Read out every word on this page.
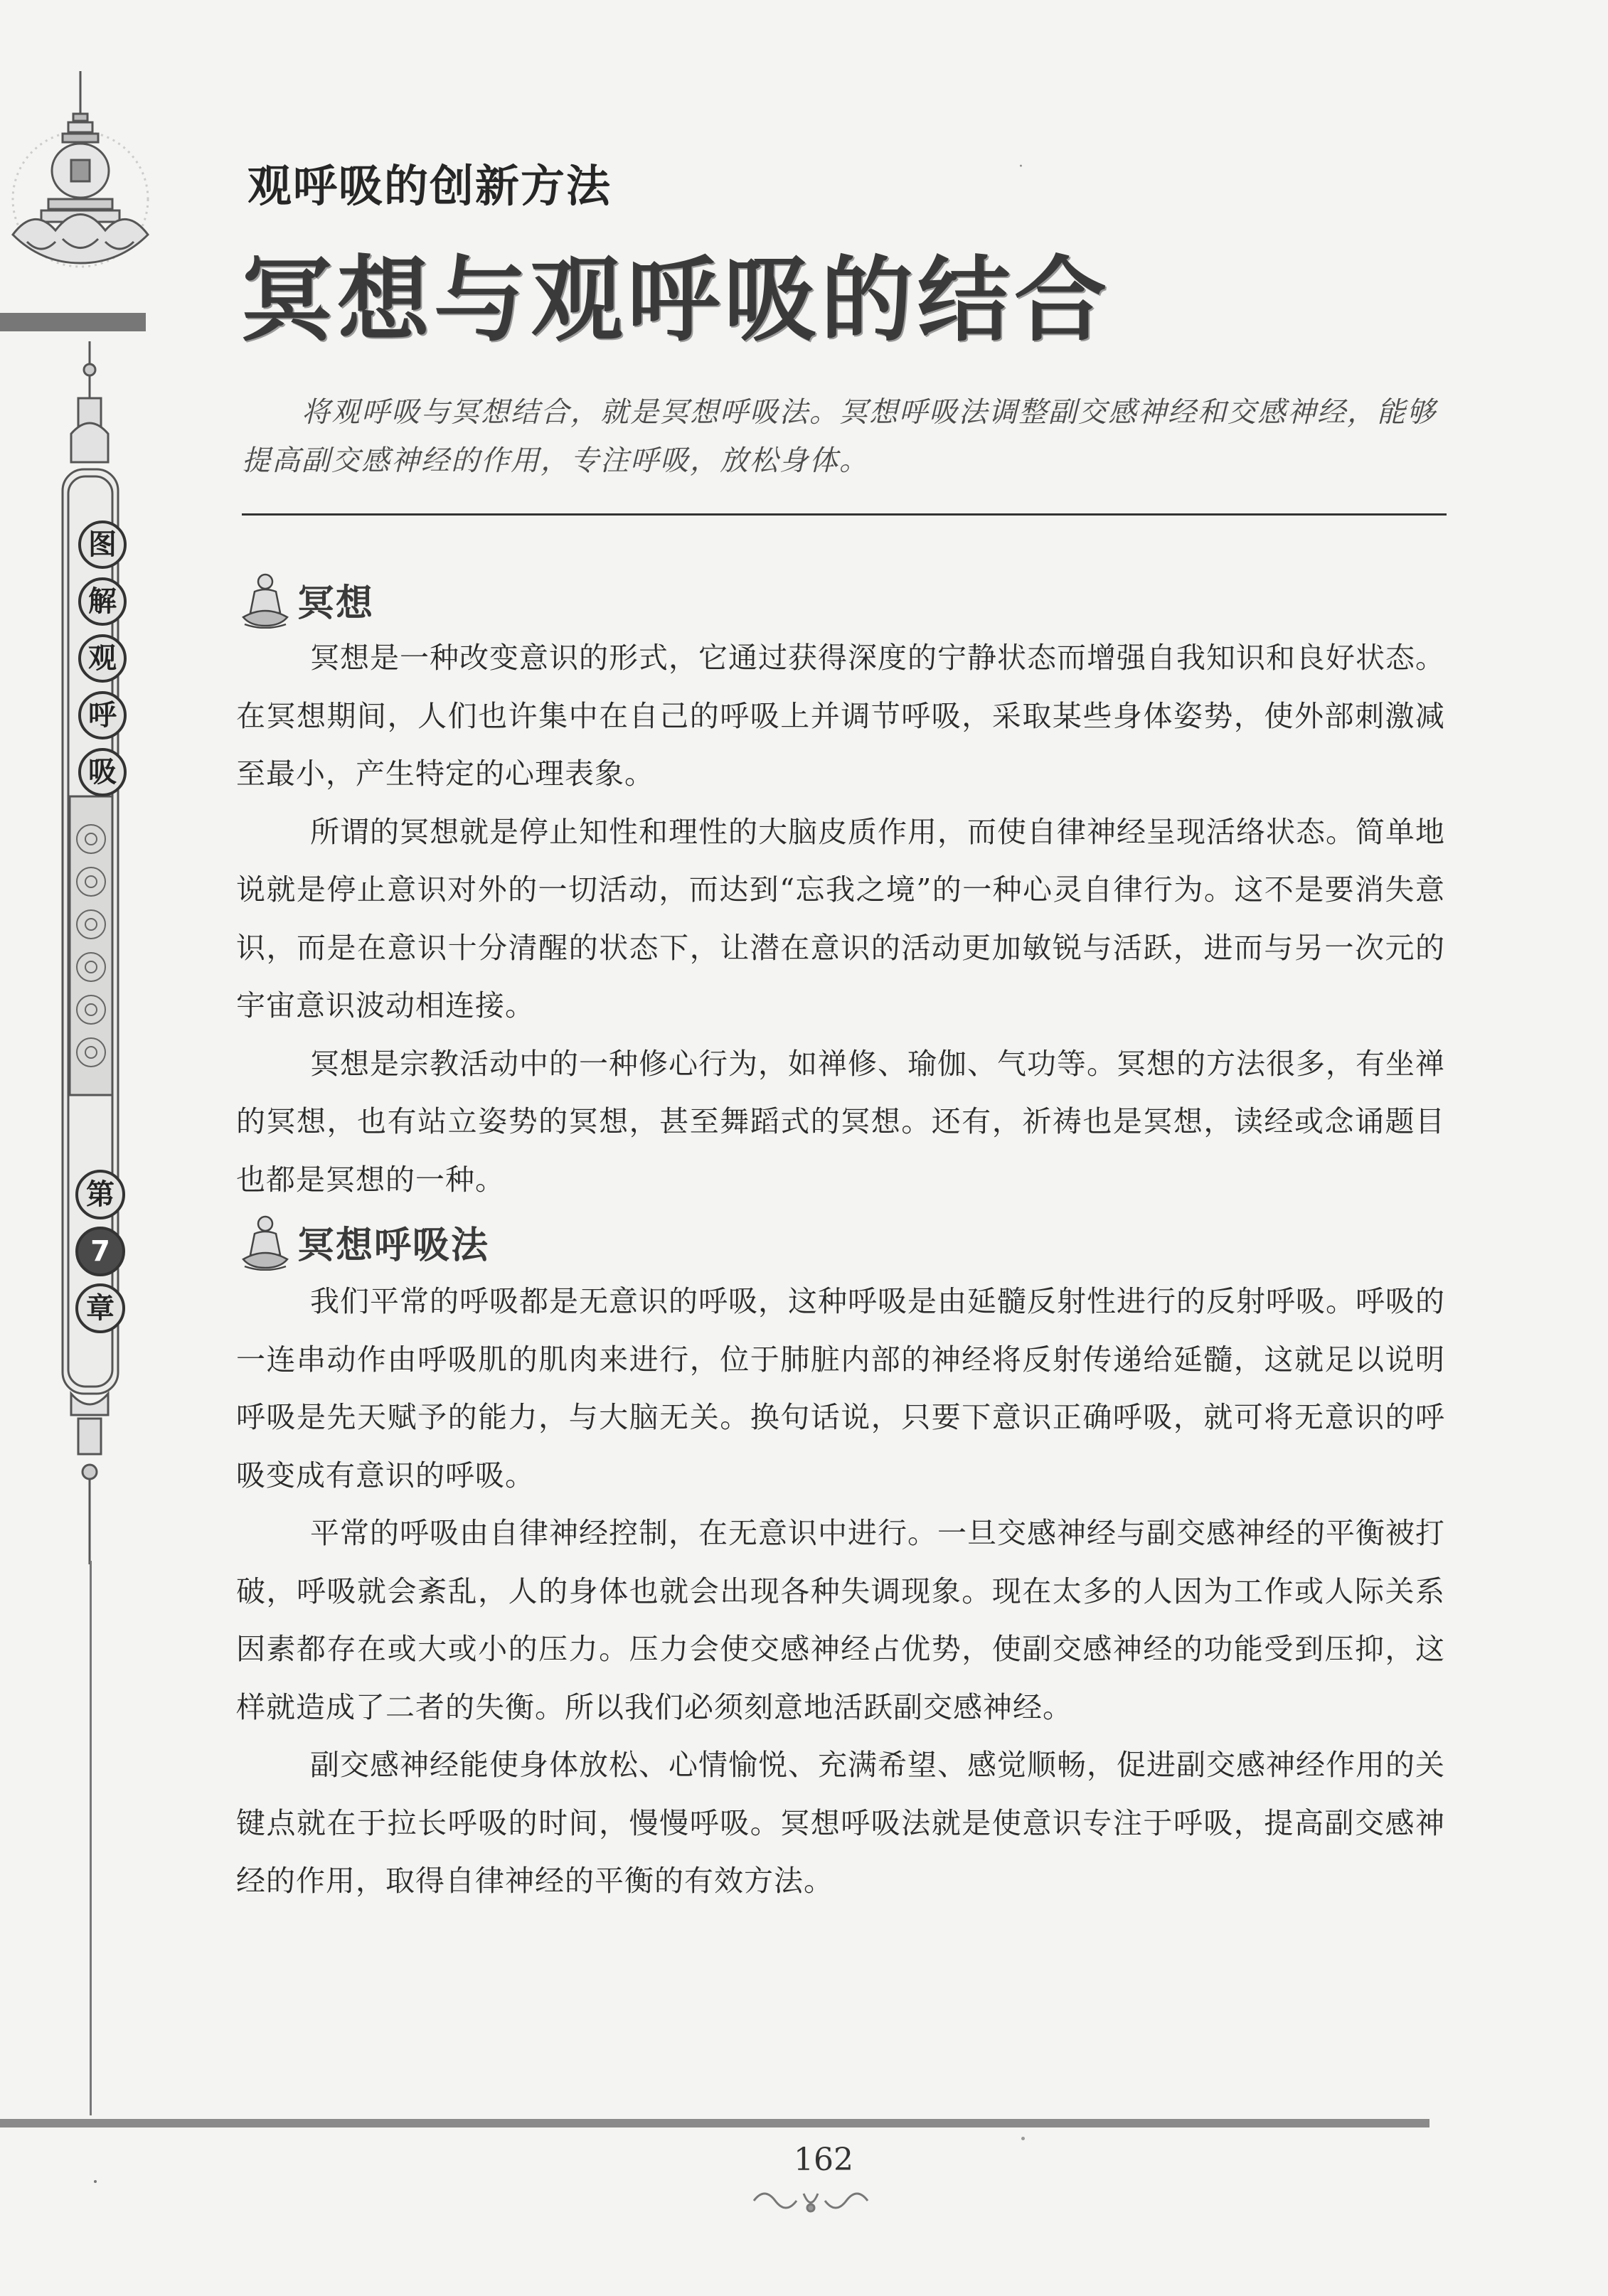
图
解
观
呼
吸
第
7
章
观呼吸的创新方法	·
冥想与观呼吸的结合
将观呼吸与冥想结合，就是冥想呼吸法。冥想呼吸法调整副交感神经和交感神经，能够提高副交感神经的作用，专注呼吸，放松身体。
冥想

冥想是一种改变意识的形式，它通过获得深度的宁静状态而增强自我知识和良好状态。在冥想期间，人们也许集中在自己的呼吸上并调节呼吸，采取某些身体姿势，使外部刺激减至最小，产生特定的心理表象。

所谓的冥想就是停止知性和理性的大脑皮质作用，而使自律神经呈现活络状态。简单地说就是停止意识对外的一切活动，而达到“忘我之境”的一种心灵自律行为。这不是要消失意识，而是在意识十分清醒的状态下，让潜在意识的活动更加敏锐与活跃，进而与另一次元的宇宙意识波动相连接。

冥想是宗教活动中的一种修心行为，如禅修、瑜伽、气功等。冥想的方法很多，有坐禅的冥想，也有站立姿势的冥想，甚至舞蹈式的冥想。还有，祈祷也是冥想，读经或念诵题目也都是冥想的一种。

冥想呼吸法

我们平常的呼吸都是无意识的呼吸，这种呼吸是由延髓反射性进行的反射呼吸。呼吸的一连串动作由呼吸肌的肌肉来进行，位于肺脏内部的神经将反射传递给延髓，这就足以说明呼吸是先天赋予的能力，与大脑无关。换句话说，只要下意识正确呼吸，就可将无意识的呼吸变成有意识的呼吸。

平常的呼吸由自律神经控制，在无意识中进行。一旦交感神经与副交感神经的平衡被打破，呼吸就会紊乱，人的身体也就会出现各种失调现象。现在太多的人因为工作或人际关系因素都存在或大或小的压力。压力会使交感神经占优势，使副交感神经的功能受到压抑，这样就造成了二者的失衡。所以我们必须刻意地活跃副交感神经。

副交感神经能使身体放松、心情愉悦、充满希望、感觉顺畅，促进副交感神经作用的关键点就在于拉长呼吸的时间，慢慢呼吸。冥想呼吸法就是使意识专注于呼吸，提高副交感神经的作用，取得自律神经的平衡的有效方法。

162
